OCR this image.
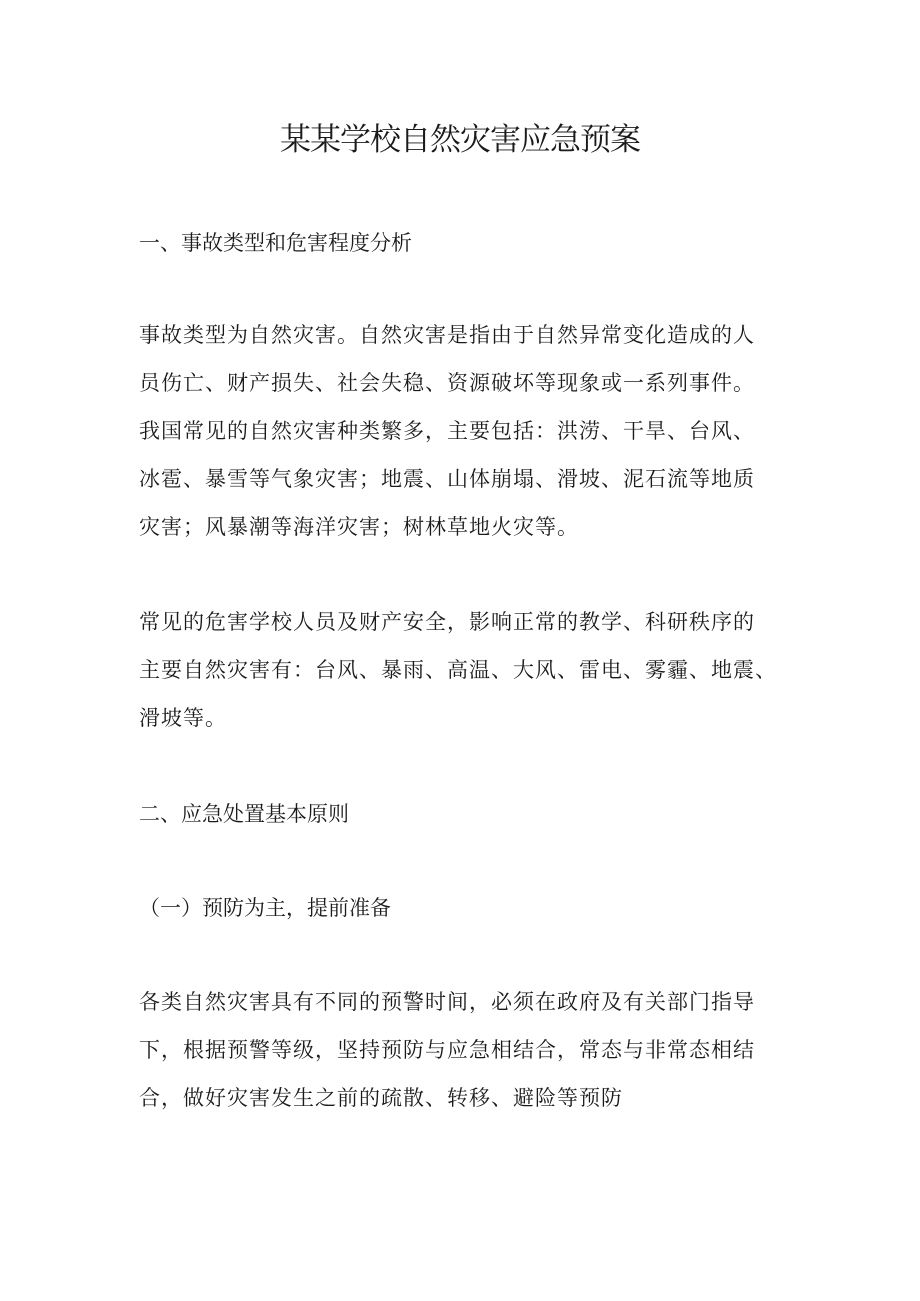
某某学校自然灾害应急预案
一、事故类型和危害程度分析

事故类型为自然灾害。自然灾害是指由于自然异常变化造成的人
员伤亡、财产损失、社会失稳、资源破坏等现象或一系列事件。
我国常见的自然灾害种类繁多，主要包括：洪涝、干旱、台风、
冰雹、暴雪等气象灾害；地震、山体崩塌、滑坡、泥石流等地质
灾害；风暴潮等海洋灾害；树林草地火灾等。

常见的危害学校人员及财产安全，影响正常的教学、科研秩序的
主要自然灾害有：台风、暴雨、高温、大风、雷电、雾霾、地震、
滑坡等。

二、应急处置基本原则
（一）预防为主，提前准备

各类自然灾害具有不同的预警时间，必须在政府及有关部门指导
下，根据预警等级，坚持预防与应急相结合，常态与非常态相结
合，做好灾害发生之前的疏散、转移、避险等预防
